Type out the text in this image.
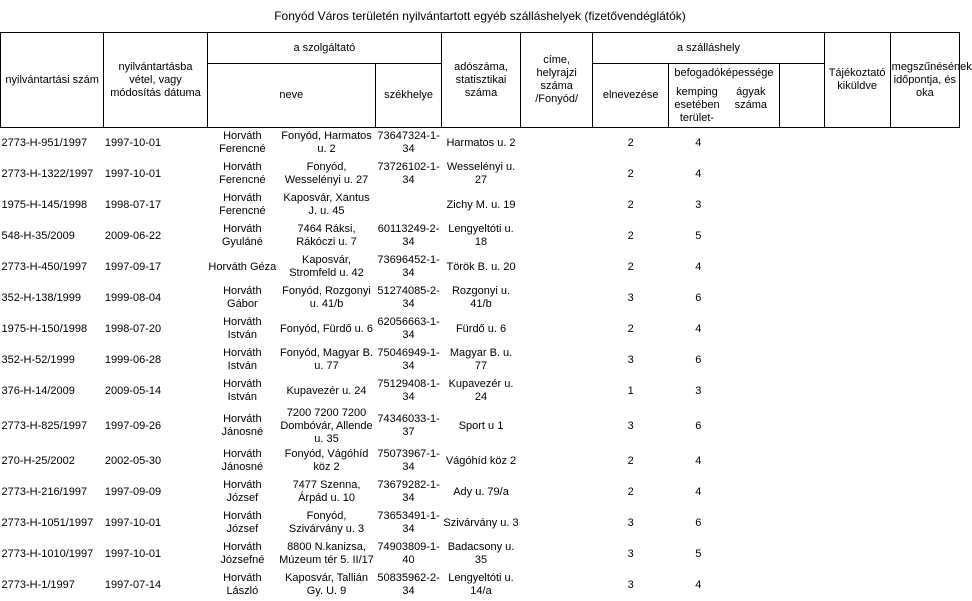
Fonyód Város területén nyilvántartott egyéb szálláshelyek (fizetővendéglátók)
nyilvántartási szám	nyilvántartásba vétel, vagy módosítás dátuma	a szolgáltató			adószáma, statisztikai száma	címe, helyrajzi száma /Fonyód/	a szálláshely				Tájékoztató kiküldve	megszűnésének időpontja, és oka
		neve		székhelye			elnevezése	befogadóképessége
kemping esetében terület-
ágyak száma				

2773-H-951/1997	1997-10-01	Horváth Ferencné	Fonyód, Harmatos u. 2	73647324-1-34	Harmatos u. 2		2	4				
2773-H-1322/1997	1997-10-01	Horváth Ferencné	Fonyód, Wesselényi u. 27	73726102-1-34	Wesselényi u. 27		2	4				
1975-H-145/1998	1998-07-17	Horváth Ferencné	Kaposvár, Xantus J. u. 45		Zichy M. u. 19		2	3				
548-H-35/2009	2009-06-22	Horváth Gyuláné	7464 Ráksi, Rákóczi u. 7	60113249-2-34	Lengyeltóti u. 18		2	5				
2773-H-450/1997	1997-09-17	Horváth Géza	Kaposvár, Stromfeld u. 42	73696452-1-34	Török B. u. 20		2	4				
352-H-138/1999	1999-08-04	Horváth Gábor	Fonyód, Rozgonyi u. 41/b	51274085-2-34	Rozgonyi u. 41/b		3	6				
1975-H-150/1998	1998-07-20	Horváth István	Fonyód, Fürdő u. 6	62056663-1-34	Fürdő u. 6		2	4				
352-H-52/1999	1999-06-28	Horváth István	Fonyód, Magyar B. u. 77	75046949-1-34	Magyar B. u. 77		3	6				
376-H-14/2009	2009-05-14	Horváth István	Kupavezér u. 24	75129408-1-34	Kupavezér u. 24		1	3				
2773-H-825/1997	1997-09-26	Horváth Jánosné	7200 7200 7200 Dombóvár, Allende u. 35	74346033-1-37	Sport u 1		3	6				
270-H-25/2002	2002-05-30	Horváth Jánosné	Fonyód, Vágóhíd köz 2	75073967-1-34	Vágóhíd köz 2		2	4				
2773-H-216/1997	1997-09-09	Horváth József	7477 Szenna, Árpád u. 10	73679282-1-34	Ady u. 79/a		2	4				
2773-H-1051/1997	1997-10-01	Horváth József	Fonyód, Szivárvány u. 3	73653491-1-34	Szivárvány u. 3		3	6				
2773-H-1010/1997	1997-10-01	Horváth Józsefné	8800 N.kanizsa, Múzeum tér 5. II/17	74903809-1-40	Badacsony u. 35		3	5				
2773-H-1/1997	1997-07-14	Horváth László	Kaposvár, Tallián Gy. U. 9	50835962-2-34	Lengyeltóti u. 14/a		3	4				
